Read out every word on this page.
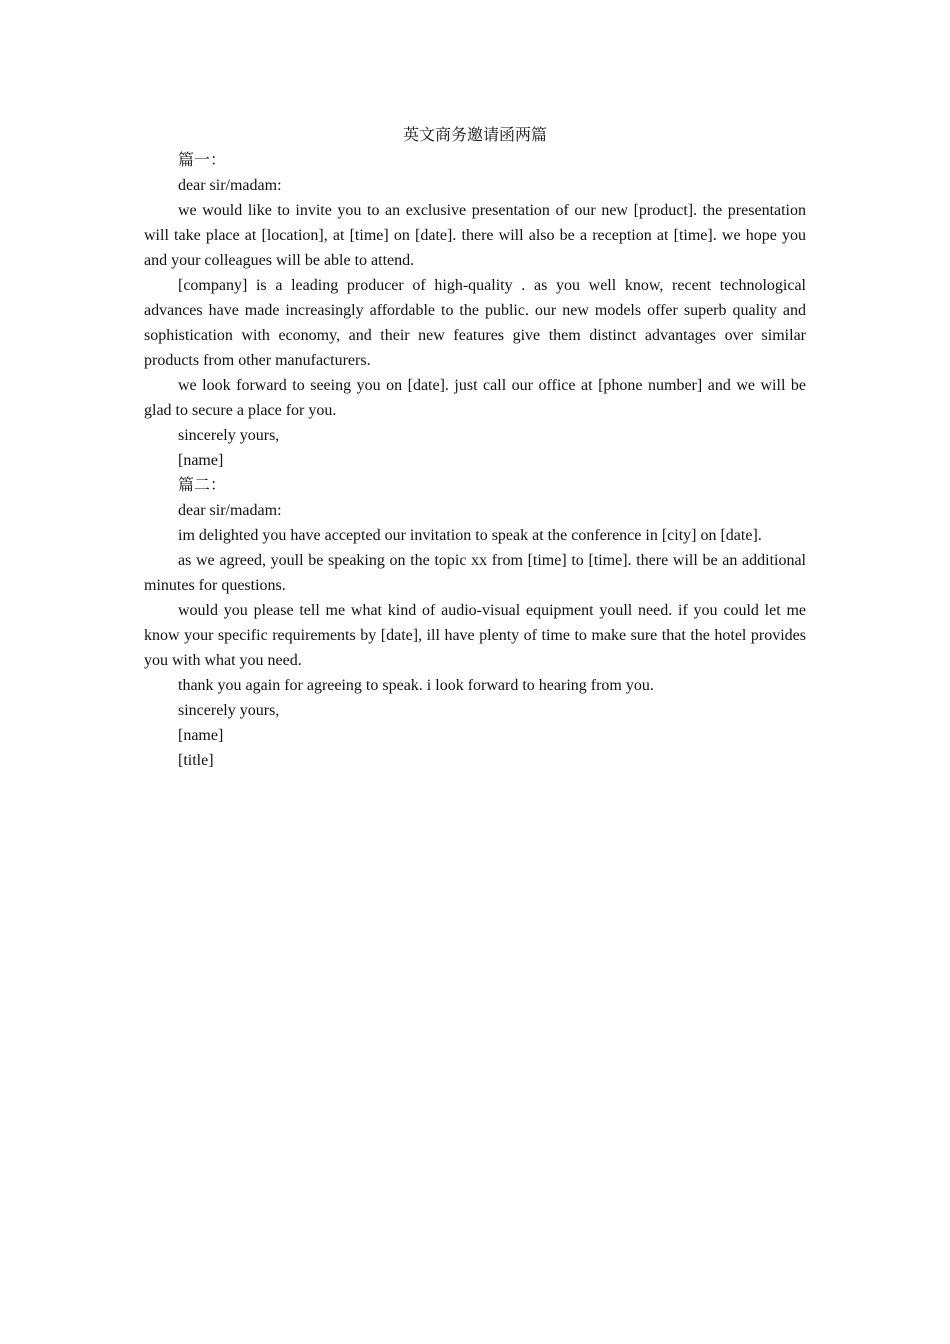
英文商务邀请函两篇

篇一：

dear sir/madam:

we would like to invite you to an exclusive presentation of our new [product]. the presentation will take place at [location], at [time] on [date]. there will also be a reception at [time]. we hope you and your colleagues will be able to attend.

[company] is a leading producer of high-quality . as you well know, recent technological advances have made increasingly affordable to the public. our new models offer superb quality and sophistication with economy, and their new features give them distinct advantages over similar products from other manufacturers.

we look forward to seeing you on [date]. just call our office at [phone number] and we will be glad to secure a place for you.

sincerely yours,

[name]

篇二：

dear sir/madam:

im delighted you have accepted our invitation to speak at the conference in [city] on [date].

as we agreed, youll be speaking on the topic xx from [time] to [time]. there will be an additional minutes for questions.

would you please tell me what kind of audio-visual equipment youll need. if you could let me know your specific requirements by [date], ill have plenty of time to make sure that the hotel provides you with what you need.

thank you again for agreeing to speak. i look forward to hearing from you.

sincerely yours,

[name]

[title]
